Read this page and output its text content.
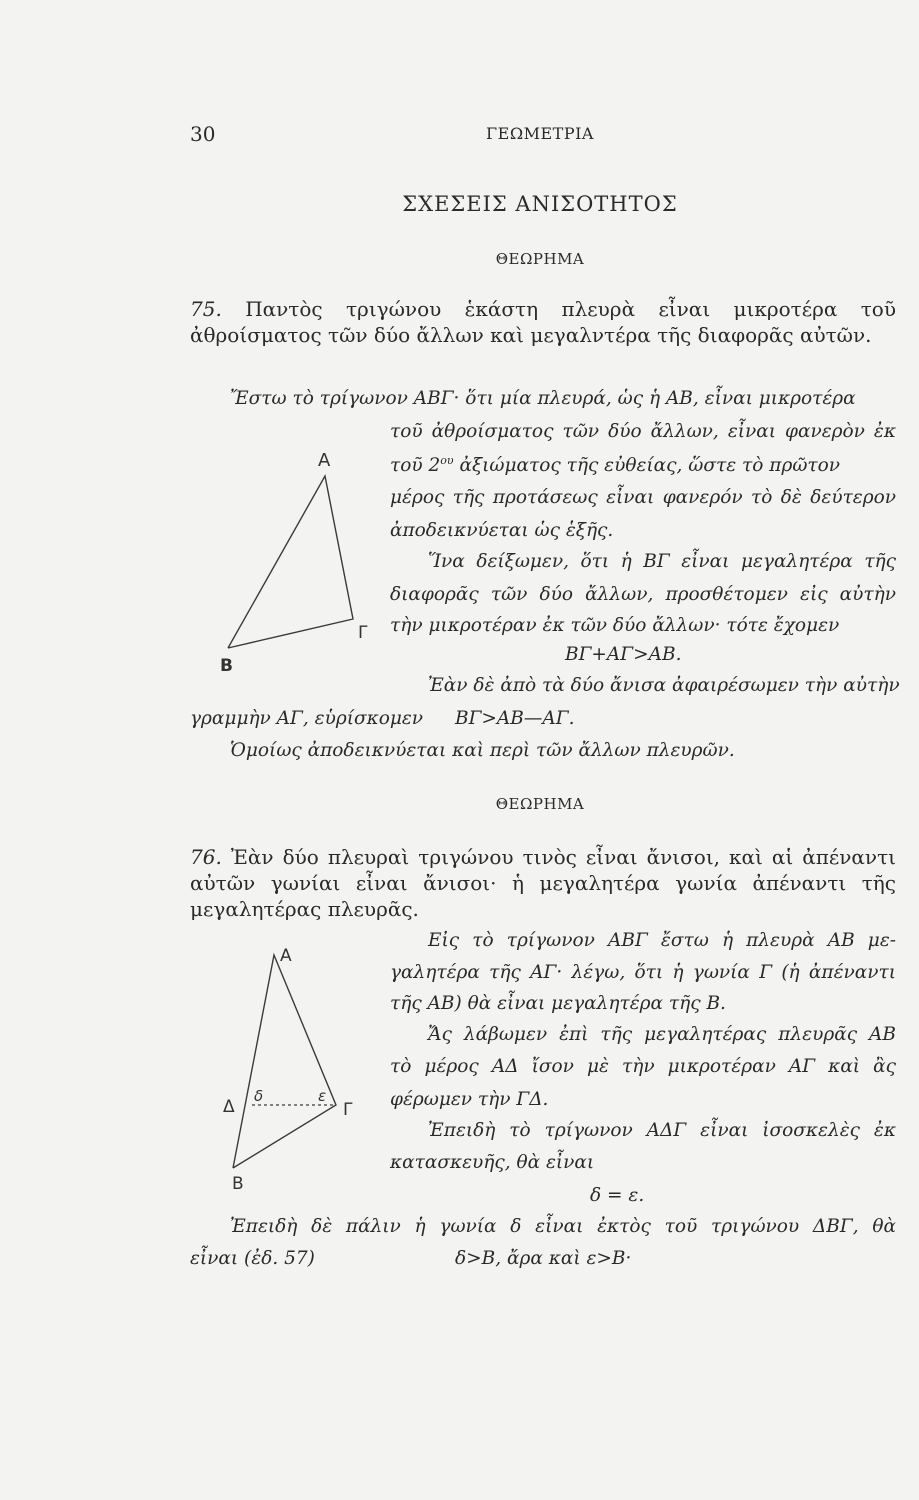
30	ΓΕΩΜΕΤΡΙΑ
ΣΧΕΣΕΙΣ ΑΝΙΣΟΤΗΤΟΣ
ΘΕΩΡΗΜΑ
75. Παντὸς τριγώνου ἑκάστη πλευρὰ εἶναι μικροτέρα τοῦ ἀθροίσματος τῶν δύο ἄλλων καὶ μεγαλντέρα τῆς διαφορᾶς αὐτῶν.
Ἔστω τὸ τρίγωνον ΑΒΓ· ὅτι μία πλευρά, ὡς ἡ ΑΒ, εἶναι μικροτέρα
τοῦ ἀθροίσματος τῶν δύο ἄλλων, εἶναι φανερὸν ἐκ
τοῦ $2^{o\upsilon}$ ἀξιώματος τῆς εὐθείας, ὥστε τὸ πρῶτον
μέρος τῆς προτάσεως εἶναι φανερόν τὸ δὲ δεύτερον
ἀποδεικνύεται ὡς ἑξῆς.
Ἵνα δείξωμεν, ὅτι ἡ ΒΓ εἶναι μεγαλητέρα τῆς
διαφορᾶς τῶν δύο ἄλλων, προσθέτομεν εἰς αὐτὴν
τὴν μικροτέραν ἐκ τῶν δύο ἄλλων· τότε ἔχομεν
ΒΓ+ΑΓ>ΑΒ.
Ἐὰν δὲ ἀπὸ τὰ δύο ἄνισα ἀφαιρέσωμεν τὴν αὐτὴν
γραμμὴν ΑΓ, εὑρίσκομεν ΒΓ>ΑΒ—ΑΓ.
Ὁμοίως ἀποδεικνύεται καὶ περὶ τῶν ἄλλων πλευρῶν.
Α
Β
Γ
ΘΕΩΡΗΜΑ
76. Ἐὰν δύο πλευραὶ τριγώνου τινὸς εἶναι ἄνισοι, καὶ αἱ ἀπέναντι αὐτῶν γωνίαι εἶναι ἄνισοι· ἡ μεγαλητέρα γωνία ἀπέναντι τῆς μεγαλητέρας πλευρᾶς.
Εἰς τὸ τρίγωνον ΑΒΓ ἔστω ἡ πλευρὰ ΑΒ με-
γαλητέρα τῆς ΑΓ· λέγω, ὅτι ἡ γωνία Γ (ἡ ἀπέναντι
τῆς ΑΒ) θὰ εἶναι μεγαλητέρα τῆς Β.
Ἄς λάβωμεν ἐπὶ τῆς μεγαλητέρας πλευρᾶς ΑΒ
τὸ μέρος ΑΔ ἴσον μὲ τὴν μικροτέραν ΑΓ καὶ ἂς
φέρωμεν τὴν ΓΔ.
Ἐπειδὴ τὸ τρίγωνον ΑΔΓ εἶναι ἰσοσκελὲς ἐκ
κατασκευῆς, θὰ εἶναι
δ = ε.
Ἐπειδὴ δὲ πάλιν ἡ γωνία δ εἶναι ἐκτὸς τοῦ τριγώνου ΔΒΓ, θὰ
εἶναι (ἐδ. 57)	δ>Β, ἄρα καὶ ε>Β·
Α
Δ	Γ
Β
δ	ε
